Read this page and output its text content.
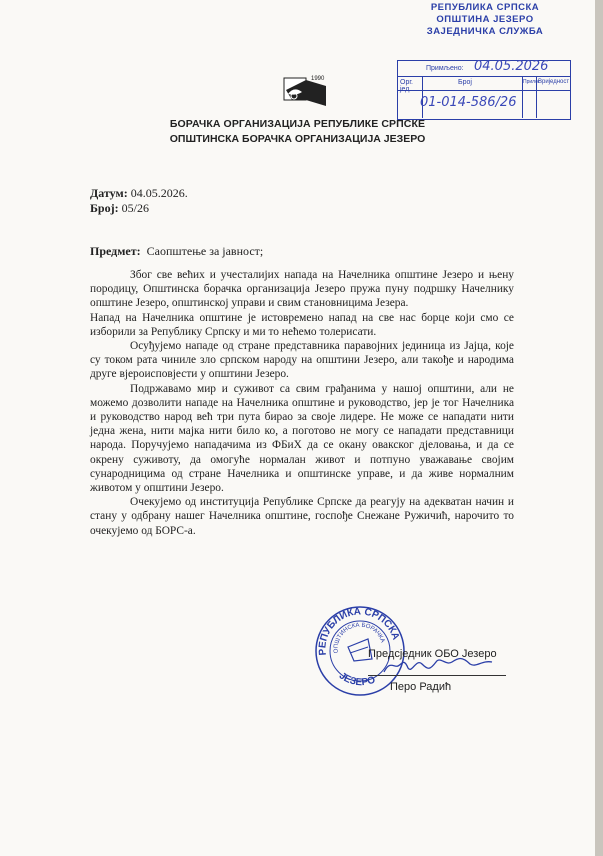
РЕПУБЛИКА СРПСКА
ОПШТИНА ЈЕЗЕРО
ЗАЈЕДНИЧКА СЛУЖБА
Примљено: 04.05.2026
Орг. јед.
Број	Прилог
Вриједност
01-014-586/26
1990
БОРАЧКА ОРГАНИЗАЦИЈА РЕПУБЛИКЕ СРПСКЕ
ОПШТИНСКА БОРАЧКА ОРГАНИЗАЦИЈА ЈЕЗЕРО
Датум: 04.05.2026.
Број: 05/26
Предмет: Саопштење за јавност;

Због све већих и учесталијих напада на Начелника општине Језеро и њену породицу, Општинска борачка организација Језеро пружа пуну подршку Начелнику општине Језеро, општинској управи и свим становницима Језера.

Напад на Начелника општине је истовремено напад на све нас борце који смо се изборили за Републику Српску и ми то нећемо толерисати.

Осуђујемо нападе од стране представника паравојних јединица из Јајца, које су током рата чиниле зло српском народу на општини Језеро, али такође и народима друге вјероисповјести у општини Језеро.

Подржавамо мир и суживот са свим грађанима у нашој општини, али не можемо дозволити нападе на Начелника општине и руководство, јер је тог Начелника и руководство народ већ три пута бирао за своје лидере. Не може се нападати нити једна жена, нити мајка нити било ко, а поготово не могу се нападати представници народа. Поручујемо нападачима из ФБиХ да се окану овакског дјеловања, и да се окрену суживоту, да омогуће нормалан живот и потпуно уважавање својим сународницима од стране Начелника и општинске управе, и да живе нормалним животом у општини Језеро.

Очекујемо од институција Републике Српске да реагују на адекватан начин и стану у одбрану нашег Начелника општине, госпође Снежане Ружичић, нарочито то очекујемо од БОРС-а.

РЕПУБЛИКА СРПСКА
ОПШТИНСКА БОРАЧКА
ЈЕЗЕРО
Предсједник ОБО Језеро
Перо Радић
